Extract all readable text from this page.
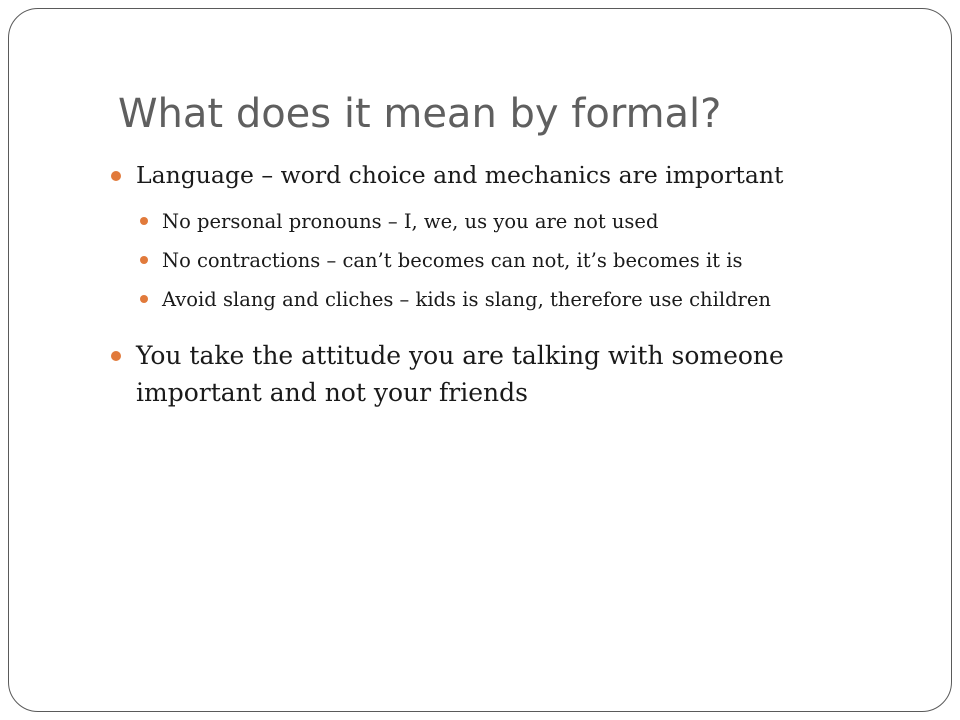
What does it mean by formal?
Language – word choice and mechanics are important
No personal pronouns – I, we, us you are not used
No contractions – can’t becomes can not, it’s becomes it is
Avoid slang and cliches – kids is slang, therefore use children
You take the attitude you are talking with someone important and not your friends
